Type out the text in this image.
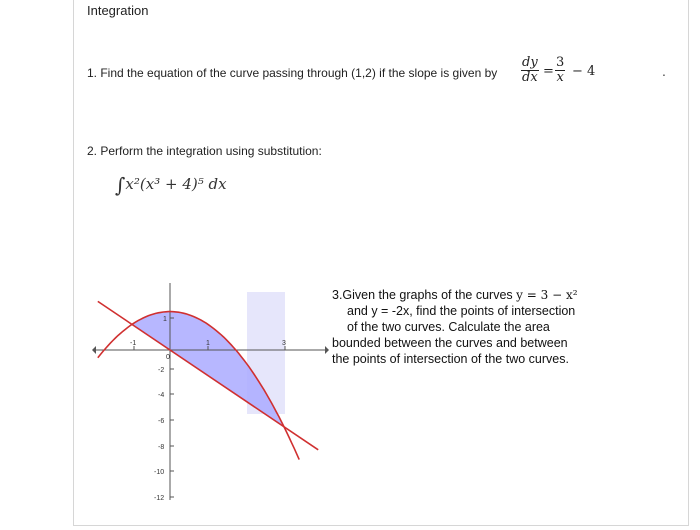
Integration
1. Find the equation of the curve passing through (1,2) if the slope is given by $\frac{dy}{dx} = \frac{3}{x} - 4$	.
2. Perform the integration using substitution:
∫x²(x³ + 4)⁵ dx
-1
0
1	3
1
-2
-4
-6
-8
-10
-12
3.Given the graphs of the curves y = 3 − x²
and y = -2x, find the points of intersection
of the two curves. Calculate the area
bounded between the curves and between
the points of intersection of the two curves.
